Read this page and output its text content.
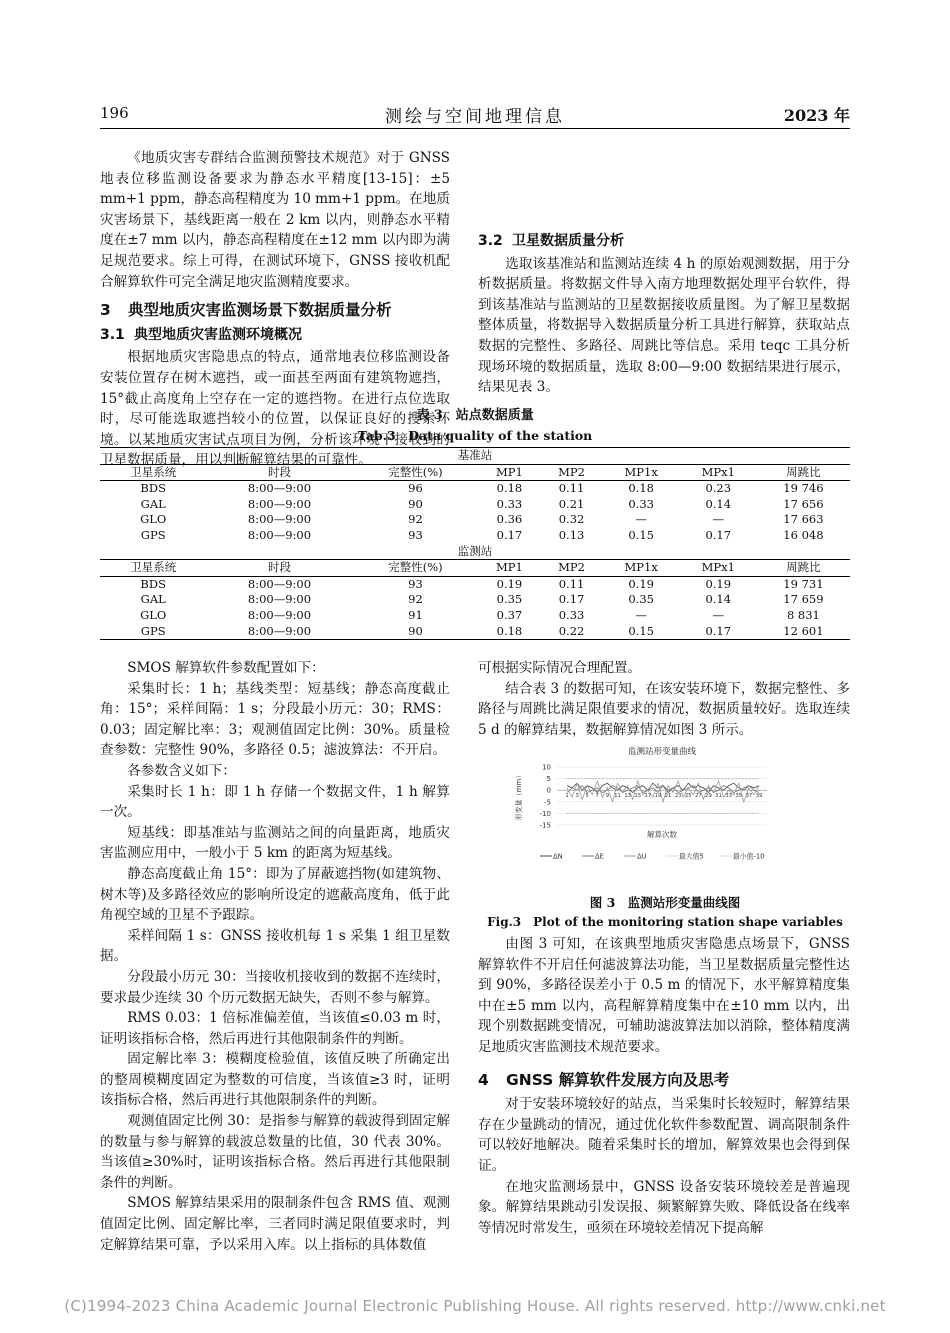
196	测绘与空间地理信息	2023 年

《地质灾害专群结合监测预警技术规范》对于 GNSS 地表位移监测设备要求为静态水平精度[13-15]：±5 mm+1 ppm，静态高程精度为 10 mm+1 ppm。在地质灾害场景下，基线距离一般在 2 km 以内，则静态水平精度在±7 mm 以内，静态高程精度在±12 mm 以内即为满足规范要求。综上可得，在测试环境下，GNSS 接收机配合解算软件可完全满足地灾监测精度要求。

3 典型地质灾害监测场景下数据质量分析
3.1 典型地质灾害监测环境概况

根据地质灾害隐患点的特点，通常地表位移监测设备安装位置存在树木遮挡，或一面甚至两面有建筑物遮挡，15°截止高度角上空存在一定的遮挡物。在进行点位选取时，尽可能选取遮挡较小的位置，以保证良好的搜索环境。以某地质灾害试点项目为例，分析该环境下接收到的卫星数据质量，用以判断解算结果的可靠性。

3.2 卫星数据质量分析

选取该基准站和监测站连续 4 h 的原始观测数据，用于分析数据质量。将数据文件导入南方地理数据处理平台软件，得到该基准站与监测站的卫星数据接收质量图。为了解卫星数据整体质量，将数据导入数据质量分析工具进行解算，获取站点数据的完整性、多路径、周跳比等信息。采用 teqc 工具分析现场环境的数据质量，选取 8:00—9:00 数据结果进行展示，结果见表 3。

表 3　站点数据质量
Tab.3　Data quality of the station
基准站							
卫星系统	时段	完整性(%)	MP1	MP2	MP1x	MPx1	周跳比
BDS	8:00—9:00	96	0.18	0.11	0.18	0.23	19 746
GAL	8:00—9:00	90	0.33	0.21	0.33	0.14	17 656
GLO	8:00—9:00	92	0.36	0.32	—	—	17 663
GPS	8:00—9:00	93	0.17	0.13	0.15	0.17	16 048
监测站							
卫星系统	时段	完整性(%)	MP1	MP2	MP1x	MPx1	周跳比
BDS	8:00—9:00	93	0.19	0.11	0.19	0.19	19 731
GAL	8:00—9:00	92	0.35	0.17	0.35	0.14	17 659
GLO	8:00—9:00	91	0.37	0.33	—	—	8 831
GPS	8:00—9:00	90	0.18	0.22	0.15	0.17	12 601

SMOS 解算软件参数配置如下：

采集时长：1 h；基线类型：短基线；静态高度截止角：15°；采样间隔：1 s；分段最小历元：30；RMS：0.03；固定解比率：3；观测值固定比例：30%。质量检查参数：完整性 90%，多路径 0.5；滤波算法：不开启。

各参数含义如下：

采集时长 1 h：即 1 h 存储一个数据文件，1 h 解算一次。

短基线：即基准站与监测站之间的向量距离，地质灾害监测应用中，一般小于 5 km 的距离为短基线。

静态高度截止角 15°：即为了屏蔽遮挡物(如建筑物、树木等)及多路径效应的影响所设定的遮蔽高度角，低于此角视空域的卫星不予跟踪。

采样间隔 1 s：GNSS 接收机每 1 s 采集 1 组卫星数据。

分段最小历元 30：当接收机接收到的数据不连续时，要求最少连续 30 个历元数据无缺失，否则不参与解算。

RMS 0.03：1 倍标准偏差值，当该值≤0.03 m 时，证明该指标合格，然后再进行其他限制条件的判断。

固定解比率 3：模糊度检验值，该值反映了所确定出的整周模糊度固定为整数的可信度，当该值≥3 时，证明该指标合格，然后再进行其他限制条件的判断。

观测值固定比例 30：是指参与解算的载波得到固定解的数量与参与解算的载波总数量的比值，30 代表 30%。当该值≥30%时，证明该指标合格。然后再进行其他限制条件的判断。

SMOS 解算结果采用的限制条件包含 RMS 值、观测值固定比例、固定解比率，三者同时满足限值要求时，判定解算结果可靠，予以采用入库。以上指标的具体数值

可根据实际情况合理配置。

结合表 3 的数据可知，在该安装环境下，数据完整性、多路径与周跳比满足限值要求的情况，数据质量较好。选取连续 5 d 的解算结果，数据解算情况如图 3 所示。

监测站形变量曲线
10
5
0
-5
-10
-15
形变量（mm）	1 3 5 7 9 11 13 15 17 19 21 23 25 27 29 31 33 35 37 39
解算次数
ΔN	ΔE	ΔU	最大值5	最小值-10
图 3　监测站形变量曲线图
Fig.3　Plot of the monitoring station shape variables

由图 3 可知，在该典型地质灾害隐患点场景下，GNSS 解算软件不开启任何滤波算法功能，当卫星数据质量完整性达到 90%，多路径误差小于 0.5 m 的情况下，水平解算精度集中在±5 mm 以内，高程解算精度集中在±10 mm 以内，出现个别数据跳变情况，可辅助滤波算法加以消除，整体精度满足地质灾害监测技术规范要求。

4 GNSS 解算软件发展方向及思考

对于安装环境较好的站点，当采集时长较短时，解算结果存在少量跳动的情况，通过优化软件参数配置、调高限制条件可以较好地解决。随着采集时长的增加，解算效果也会得到保证。

在地灾监测场景中，GNSS 设备安装环境较差是普遍现象。解算结果跳动引发误报、频繁解算失败、降低设备在线率等情况时常发生，亟须在环境较差情况下提高解

(C)1994-2023 China Academic Journal Electronic Publishing House. All rights reserved. http://www.cnki.net
